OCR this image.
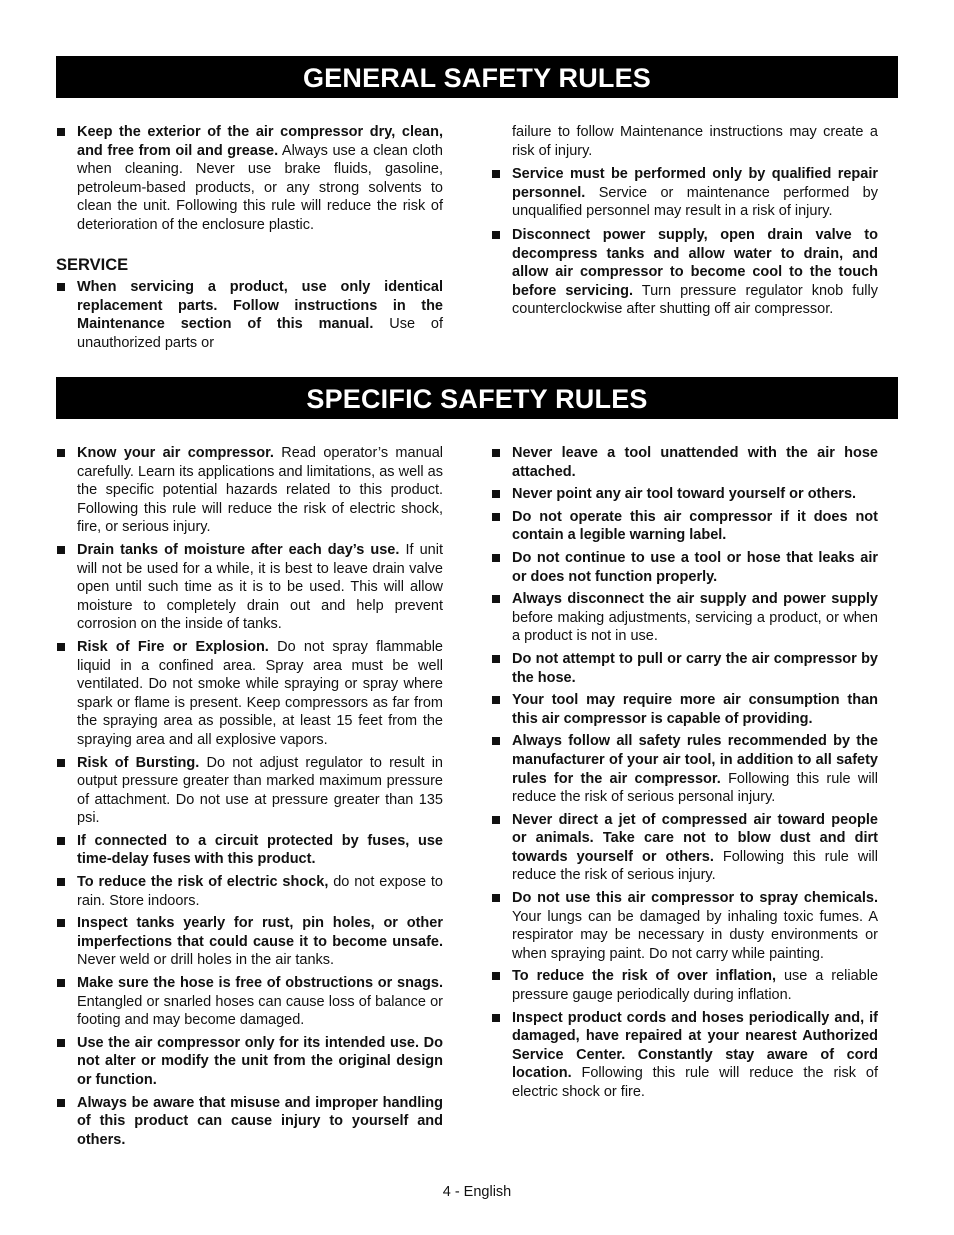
GENERAL SAFETY RULES

Keep the exterior of the air compressor dry, clean, and free from oil and grease. Always use a clean cloth when cleaning. Never use brake fluids, gasoline, petroleum-based products, or any strong solvents to clean the unit. Following this rule will reduce the risk of deterioration of the enclosure plastic.

SERVICE

When servicing a product, use only identical replacement parts. Follow instructions in the Maintenance section of this manual. Use of unauthorized parts or

failure to follow Maintenance instructions may create a risk of injury.

Service must be performed only by qualified repair personnel. Service or maintenance performed by unqualified personnel may result in a risk of injury.

Disconnect power supply, open drain valve to decompress tanks and allow water to drain, and allow air compressor to become cool to the touch before servicing. Turn pressure regulator knob fully counterclockwise after shutting off air compressor.

SPECIFIC SAFETY RULES

Know your air compressor. Read operator’s manual carefully. Learn its applications and limitations, as well as the specific potential hazards related to this product. Following this rule will reduce the risk of electric shock, fire, or serious injury.

Drain tanks of moisture after each day’s use. If unit will not be used for a while, it is best to leave drain valve open until such time as it is to be used. This will allow moisture to completely drain out and help prevent corrosion on the inside of tanks.

Risk of Fire or Explosion. Do not spray flammable liquid in a confined area. Spray area must be well ventilated. Do not smoke while spraying or spray where spark or flame is present. Keep compressors as far from the spraying area as possible, at least 15 feet from the spraying area and all explosive vapors.

Risk of Bursting. Do not adjust regulator to result in output pressure greater than marked maximum pressure of attachment. Do not use at pressure greater than 135 psi.

If connected to a circuit protected by fuses, use time-delay fuses with this product.

To reduce the risk of electric shock, do not expose to rain. Store indoors.

Inspect tanks yearly for rust, pin holes, or other imperfections that could cause it to become unsafe. Never weld or drill holes in the air tanks.

Make sure the hose is free of obstructions or snags. Entangled or snarled hoses can cause loss of balance or footing and may become damaged.

Use the air compressor only for its intended use. Do not alter or modify the unit from the original design or function.

Always be aware that misuse and improper handling of this product can cause injury to yourself and others.

Never leave a tool unattended with the air hose attached.

Never point any air tool toward yourself or others.

Do not operate this air compressor if it does not contain a legible warning label.

Do not continue to use a tool or hose that leaks air or does not function properly.

Always disconnect the air supply and power supply before making adjustments, servicing a product, or when a product is not in use.

Do not attempt to pull or carry the air compressor by the hose.

Your tool may require more air consumption than this air compressor is capable of providing.

Always follow all safety rules recommended by the manufacturer of your air tool, in addition to all safety rules for the air compressor. Following this rule will reduce the risk of serious personal injury.

Never direct a jet of compressed air toward people or animals. Take care not to blow dust and dirt towards yourself or others. Following this rule will reduce the risk of serious injury.

Do not use this air compressor to spray chemicals. Your lungs can be damaged by inhaling toxic fumes. A respirator may be necessary in dusty environments or when spraying paint. Do not carry while painting.

To reduce the risk of over inflation, use a reliable pressure gauge periodically during inflation.

Inspect product cords and hoses periodically and, if damaged, have repaired at your nearest Authorized Service Center. Constantly stay aware of cord location. Following this rule will reduce the risk of electric shock or fire.

4 - English
